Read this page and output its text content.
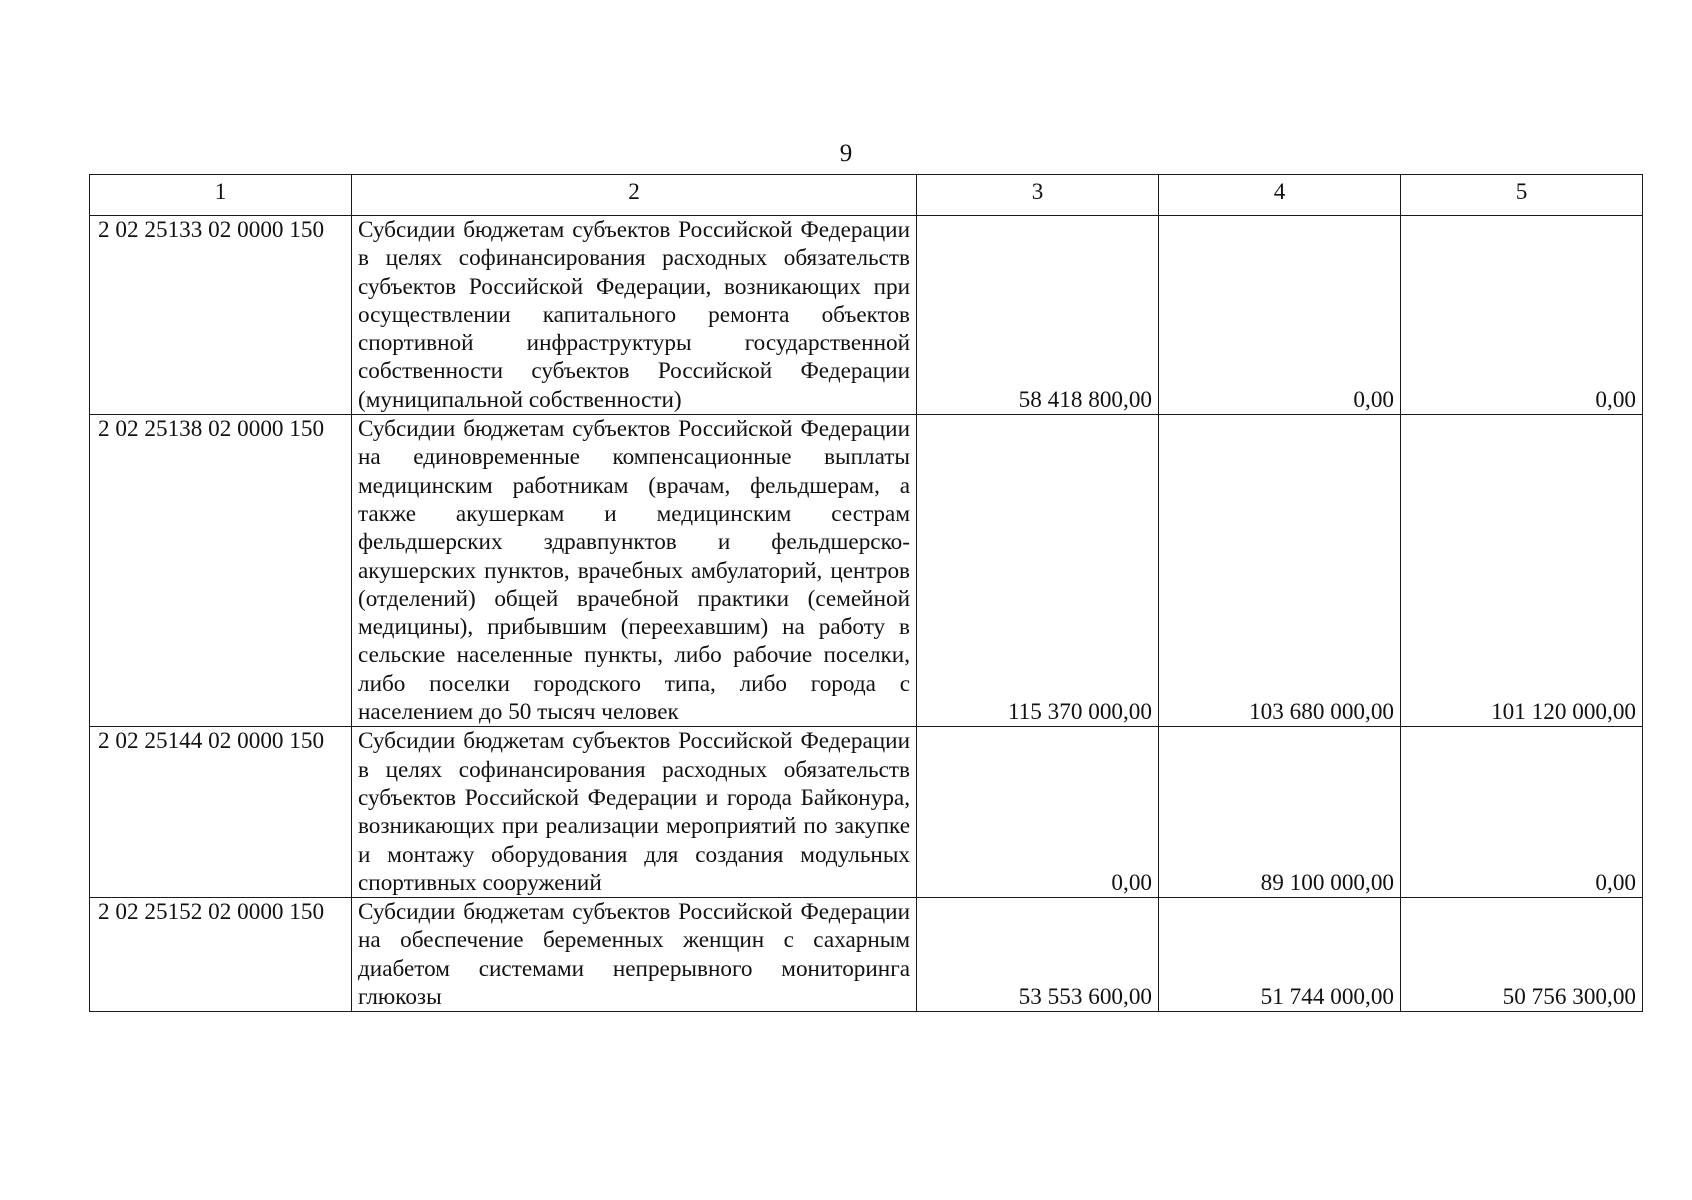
9
1	2	3	4	5
2 02 25133 02 0000 150	Субсидии бюджетам субъектов Российской Федерации в целях софинансирования расходных обязательств субъектов Российской Федерации, возникающих при осуществлении капитального ремонта объектов спортивной инфраструктуры государственной собственности субъектов Российской Федерации (муниципальной собственности)	58 418 800,00	0,00	0,00
2 02 25138 02 0000 150	Субсидии бюджетам субъектов Российской Федерации на единовременные компенсационные выплаты медицинским работникам (врачам, фельдшерам, а также акушеркам и медицинским сестрам фельдшерских здравпунктов и фельдшерско-акушерских пунктов, врачебных амбулаторий, центров (отделений) общей врачебной практики (семейной медицины), прибывшим (переехавшим) на работу в сельские населенные пункты, либо рабочие поселки, либо поселки городского типа, либо города с населением до 50 тысяч человек	115 370 000,00	103 680 000,00	101 120 000,00
2 02 25144 02 0000 150	Субсидии бюджетам субъектов Российской Федерации в целях софинансирования расходных обязательств субъектов Российской Федерации и города Байконура, возникающих при реализации мероприятий по закупке и монтажу оборудования для создания модульных спортивных сооружений	0,00	89 100 000,00	0,00
2 02 25152 02 0000 150	Субсидии бюджетам субъектов Российской Федерации на обеспечение беременных женщин с сахарным диабетом системами непрерывного мониторинга глюкозы	53 553 600,00	51 744 000,00	50 756 300,00
